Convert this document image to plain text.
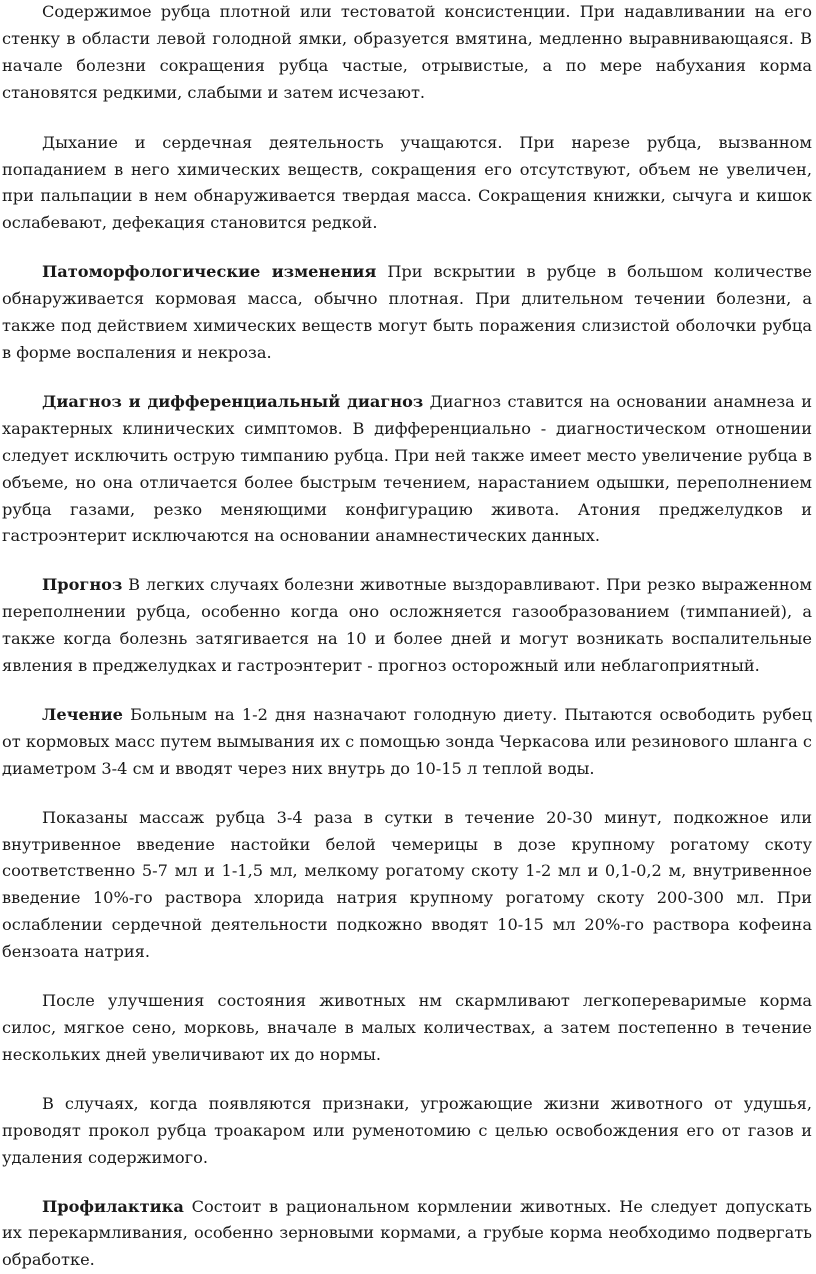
Содержимое рубца плотной или тестоватой консистенции. При надавливании на его стенку в области левой голодной ямки, образуется вмятина, медленно выравнивающаяся. В начале болезни сокращения рубца частые, отрывистые, а по мере набухания корма становятся редкими, слабыми и затем исчезают.

Дыхание и сердечная деятельность учащаются. При нарезе рубца, вызванном попаданием в него химических веществ, сокращения его отсутствуют, объем не увеличен, при пальпации в нем обнаруживается твердая масса. Сокращения книжки, сычуга и кишок ослабевают, дефекация становится редкой.

Патоморфологические изменения При вскрытии в рубце в большом количестве обнаруживается кормовая масса, обычно плотная. При длительном течении болезни, а также под действием химических веществ могут быть поражения слизистой оболочки рубца в форме воспаления и некроза.

Диагноз и дифференциальный диагноз Диагноз ставится на основании анамнеза и характерных клинических симптомов. В дифференциально - диагностическом отношении следует исключить острую тимпанию рубца. При ней также имеет место увеличение рубца в объеме, но она отличается более быстрым течением, нарастанием одышки, переполнением рубца газами, резко меняющими конфигурацию живота. Атония преджелудков и гастроэнтерит исключаются на основании анамнестических данных.

Прогноз В легких случаях болезни животные выздоравливают. При резко выраженном переполнении рубца, особенно когда оно осложняется газообразованием (тимпанией), а также когда болезнь затягивается на 10 и более дней и могут возникать воспалительные явления в преджелудках и гастроэнтерит - прогноз осторожный или неблагоприятный.

Лечение Больным на 1-2 дня назначают голодную диету. Пытаются освободить рубец от кормовых масс путем вымывания их с помощью зонда Черкасова или резинового шланга с диаметром 3-4 см и вводят через них внутрь до 10-15 л теплой воды.

Показаны массаж рубца 3-4 раза в сутки в течение 20-30 минут, подкожное или внутривенное введение настойки белой чемерицы в дозе крупному рогатому скоту соответственно 5-7 мл и 1-1,5 мл, мелкому рогатому скоту 1-2 мл и 0,1-0,2 м, внутривенное введение 10%-го раствора хлорида натрия крупному рогатому скоту 200-300 мл. При ослаблении сердечной деятельности подкожно вводят 10-15 мл 20%-го раствора кофеина бензоата натрия.

После улучшения состояния животных нм скармливают легкопереваримые корма силос, мягкое сено, морковь, вначале в малых количествах, а затем постепенно в течение нескольких дней увеличивают их до нормы.

В случаях, когда появляются признаки, угрожающие жизни животного от удушья, проводят прокол рубца троакаром или руменотомию с целью освобождения его от газов и удаления содержимого.

Профилактика Состоит в рациональном кормлении животных. Не следует допускать их перекармливания, особенно зерновыми кормами, а грубые корма необходимо подвергать обработке.
